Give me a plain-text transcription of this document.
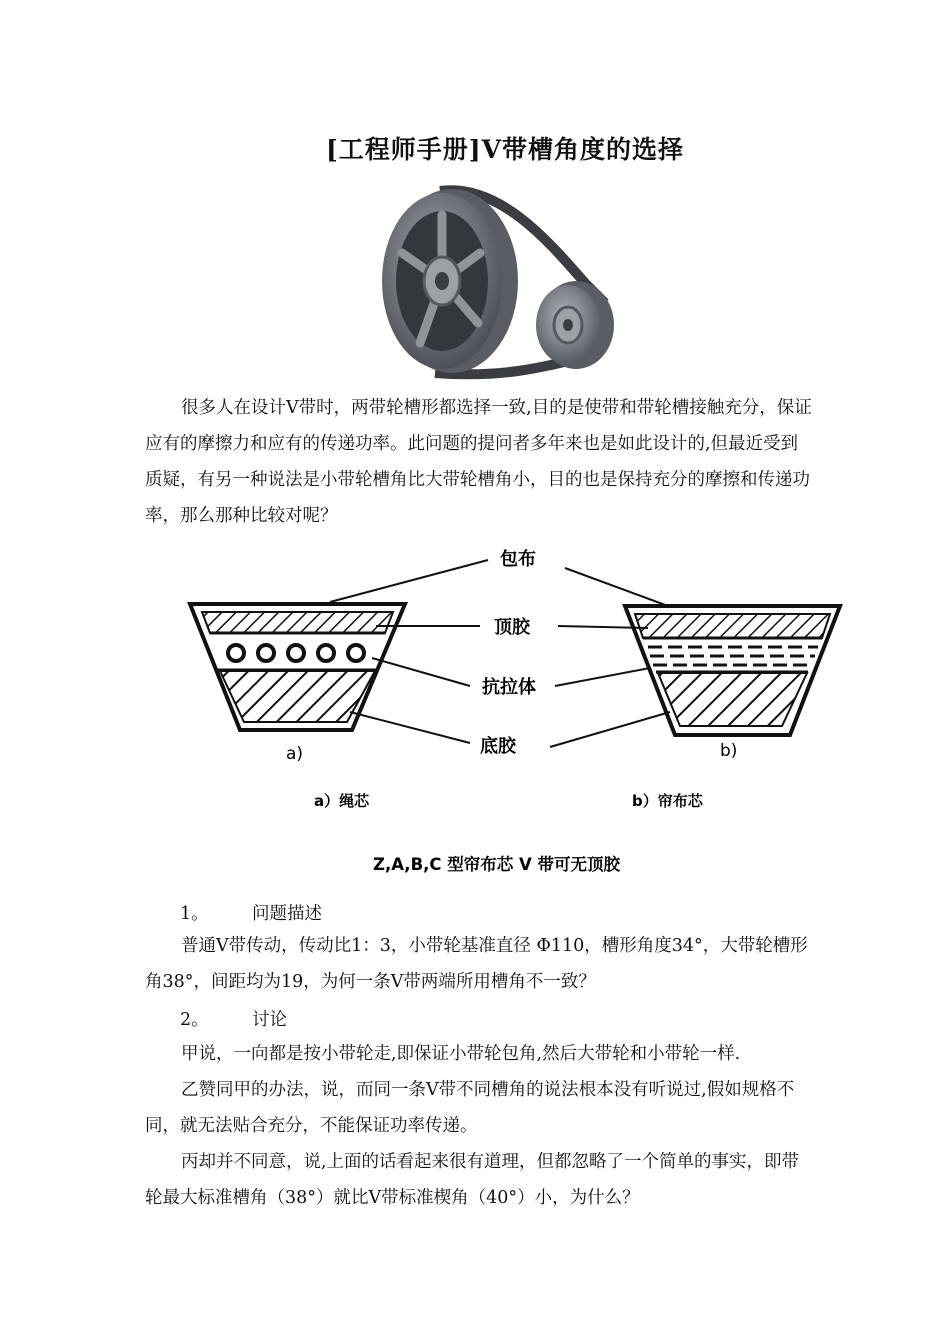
[工程师手册]V带槽角度的选择
很多人在设计V带时，两带轮槽形都选择一致,目的是使带和带轮槽接触充分，保证应有的摩擦力和应有的传递功率。此问题的提问者多年来也是如此设计的,但最近受到质疑，有另一种说法是小带轮槽角比大带轮槽角小，目的也是保持充分的摩擦和传递功率，那么那种比较对呢？
包布
顶胶
抗拉体
底胶
a)	b)
a）绳芯	b）帘布芯
Z,A,B,C 型帘布芯 V 带可无顶胶
1。 问题描述
普通V带传动，传动比1：3，小带轮基准直径 Φ110，槽形角度34°，大带轮槽形角38°，间距均为19，为何一条V带两端所用槽角不一致？
2。 讨论
甲说，一向都是按小带轮走,即保证小带轮包角,然后大带轮和小带轮一样.
乙赞同甲的办法，说，而同一条V带不同槽角的说法根本没有听说过,假如规格不同，就无法贴合充分，不能保证功率传递。
丙却并不同意，说,上面的话看起来很有道理，但都忽略了一个简单的事实，即带轮最大标准槽角（38°）就比V带标准楔角（40°）小，为什么？
